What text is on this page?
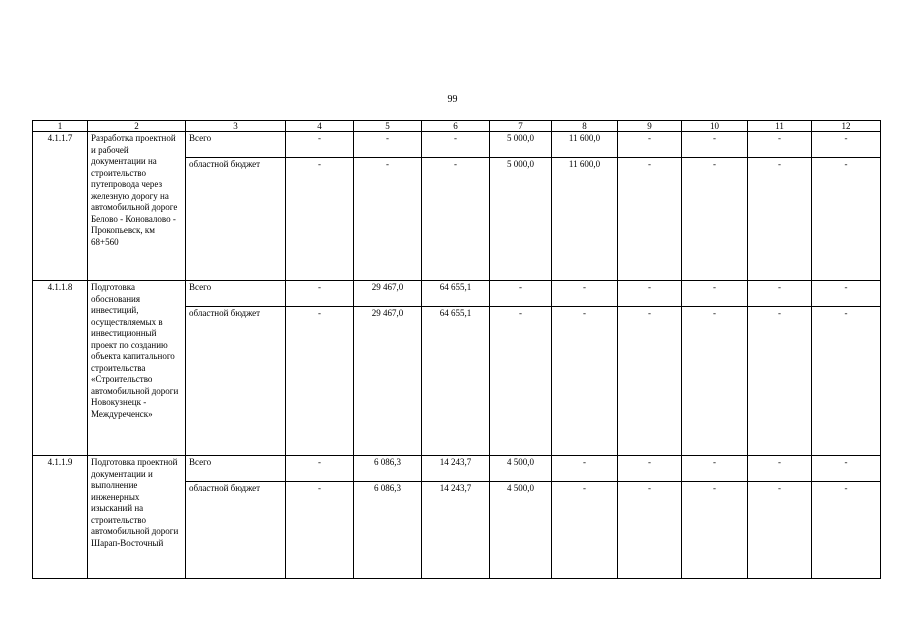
99
1	2	3	4	5	6	7	8	9	10	11	12
4.1.1.7	Разработка проектной и рабочей документации на строительство путепровода через железную дорогу на автомобильной дороге Белово - Коновалово - Прокопьевск, км 68+560	Всего	-	-	-	5 000,0	11 600,0	-	-	-	-
		областной бюджет	-	-	-	5 000,0	11 600,0	-	-	-	-
4.1.1.8	Подготовка обоснования инвестиций, осуществляемых в инвестиционный проект по созданию объекта капитального строительства «Строительство автомобильной дороги Новокузнецк - Междуреченск»	Всего	-	29 467,0	64 655,1	-	-	-	-	-	-
		областной бюджет	-	29 467,0	64 655,1	-	-	-	-	-	-
4.1.1.9	Подготовка проектной документации и выполнение инженерных изысканий на строительство автомобильной дороги Шарап-Восточный	Всего	-	6 086,3	14 243,7	4 500,0	-	-	-	-	-
		областной бюджет	-	6 086,3	14 243,7	4 500,0	-	-	-	-	-
